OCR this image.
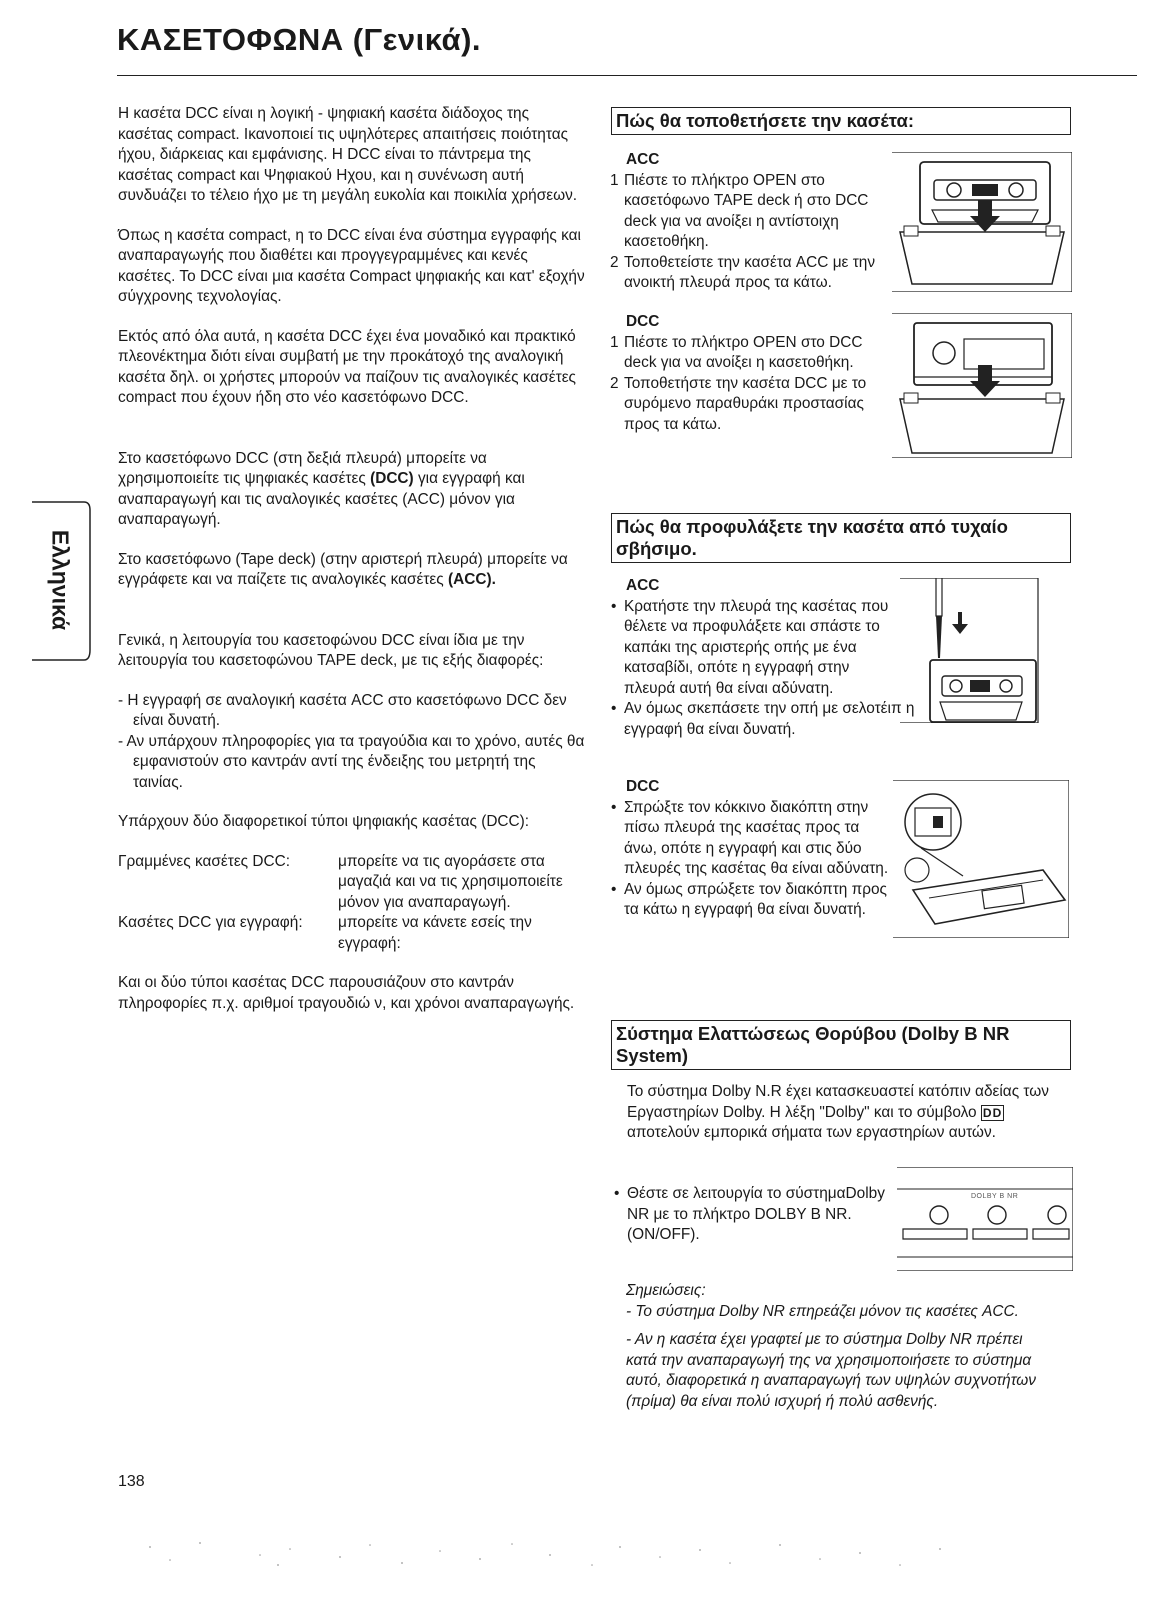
ΚΑΣΕΤΟΦΩΝΑ (Γενικά).
Ελληνικά

Η κασέτα DCC είναι η λογική - ψηφιακή κασέτα διάδοχος της κασέτας compact. Ικανοποιεί τις υψηλότερες απαιτήσεις ποιότητας ήχου, διάρκειας και εμφάνισης. Η DCC είναι το πάντρεμα της κασέτας compact και Ψηφιακού Ηχου, και η συνένωση αυτή συνδυάζει το τέλειο ήχο με τη μεγάλη ευκολία και ποικιλία χρήσεων.

Όπως η κασέτα compact, η το DCC είναι ένα σύστημα εγγραφής και αναπαραγωγής που διαθέτει και προγγεγραμμένες και κενές κασέτες. Το DCC είναι μια κασέτα Compact ψηφιακής και κατ' εξοχήν σύγχρονης τεχνολογίας.

Εκτός από όλα αυτά, η κασέτα DCC έχει ένα μοναδικό και πρακτικό πλεονέκτημα διότι είναι συμβατή με την προκάτοχό της αναλογική κασέτα δηλ. οι χρήστες μπορούν να παίζουν τις αναλογικές κασέτες compact που έχουν ήδη στο νέο κασετόφωνο DCC.

Στο κασετόφωνο DCC (στη δεξιά πλευρά) μπορείτε να χρησιμοποιείτε τις ψηφιακές κασέτες (DCC) για εγγραφή και αναπαραγωγή και τις αναλογικές κασέτες (ACC) μόνον για αναπαραγωγή.

Στο κασετόφωνο (Tape deck) (στην αριστερή πλευρά) μπορείτε να εγγράφετε και να παίζετε τις αναλογικές κασέτες (ACC).

Γενικά, η λειτουργία του κασετοφώνου DCC είναι ίδια με την λειτουργία του κασετοφώνου TAPE deck, με τις εξής διαφορές:

- Η εγγραφή σε αναλογική κασέτα ACC στο κασετόφωνο DCC δεν είναι δυνατή.
- Αν υπάρχουν πληροφορίες για τα τραγούδια και το χρόνο, αυτές θα εμφανιστούν στο καντράν αντί της ένδειξης του μετρητή της ταινίας.

Υπάρχουν δύο διαφορετικοί τύποι ψηφιακής κασέτας (DCC):

Γραμμένες κασέτες DCC:	μπορείτε να τις αγοράσετε στα μαγαζιά και να τις χρησιμοποιείτε μόνον για αναπαραγωγή.
Κασέτες DCC για εγγραφή:	μπορείτε να κάνετε εσείς την εγγραφή:

Και οι δύο τύποι κασέτας DCC παρουσιάζουν στο καντράν πληροφορίες π.χ. αριθμοί τραγουδιώ ν, και χρόνοι αναπαραγωγής.

Πώς θα τοποθετήσετε την κασέτα:

ACC

1 Πιέστε το πλήκτρο OPEN στο κασετόφωνο TAPE deck ή στο DCC deck για να ανοίξει η αντίστοιχη κασετοθήκη.
2 Τοποθετείστε την κασέτα ACC με την ανοικτή πλευρά προς τα κάτω.

DCC

1 Πιέστε το πλήκτρο OPEN στο DCC deck για να ανοίξει η κασετοθήκη.
2 Τοποθετήστε την κασέτα DCC με το συρόμενο παραθυράκι προστασίας προς τα κάτω.
Πώς θα προφυλάξετε την κασέτα από τυχαίο σβήσιμο.

ACC

• Κρατήστε την πλευρά της κασέτας που θέλετε να προφυλάξετε και σπάστε το καπάκι της αριστερής οπής με ένα κατσαβίδι, οπότε η εγγραφή στην πλευρά αυτή θα είναι αδύνατη.
• Αν όμως σκεπάσετε την οπή με σελοτέιπ η εγγραφή θα είναι δυνατή.

DCC

• Σπρώξτε τον κόκκινο διακόπτη στην πίσω πλευρά της κασέτας προς τα άνω, οπότε η εγγραφή και στις δύο πλευρές της κασέτας θα είναι αδύνατη.
• Αν όμως σπρώξετε τον διακόπτη προς τα κάτω η εγγραφή θα είναι δυνατή.
Σύστημα Ελαττώσεως Θορύβου (Dolby B NR System)

Το σύστημα Dolby N.R έχει κατασκευαστεί κατόπιν αδείας των Εργαστηρίων Dolby. Η λέξη "Dolby" και το σύμβολο DD αποτελούν εμπορικά σήματα των εργαστηρίων αυτών.

• Θέστε σε λειτουργία το σύστημαDolby NR με το πλήκτρο DOLBY B NR. (ON/OFF).
DOLBY B NR

Σημειώσεις:

- Το σύστημα Dolby NR επηρεάζει μόνον τις κασέτες ACC.

- Αν η κασέτα έχει γραφτεί με το σύστημα Dolby NR πρέπει κατά την αναπαραγωγή της να χρησιμοποιήσετε το σύστημα αυτό, διαφορετικά η αναπαραγωγή των υψηλών συχνοτήτων (πρίμα) θα είναι πολύ ισχυρή ή πολύ ασθενής.

138
